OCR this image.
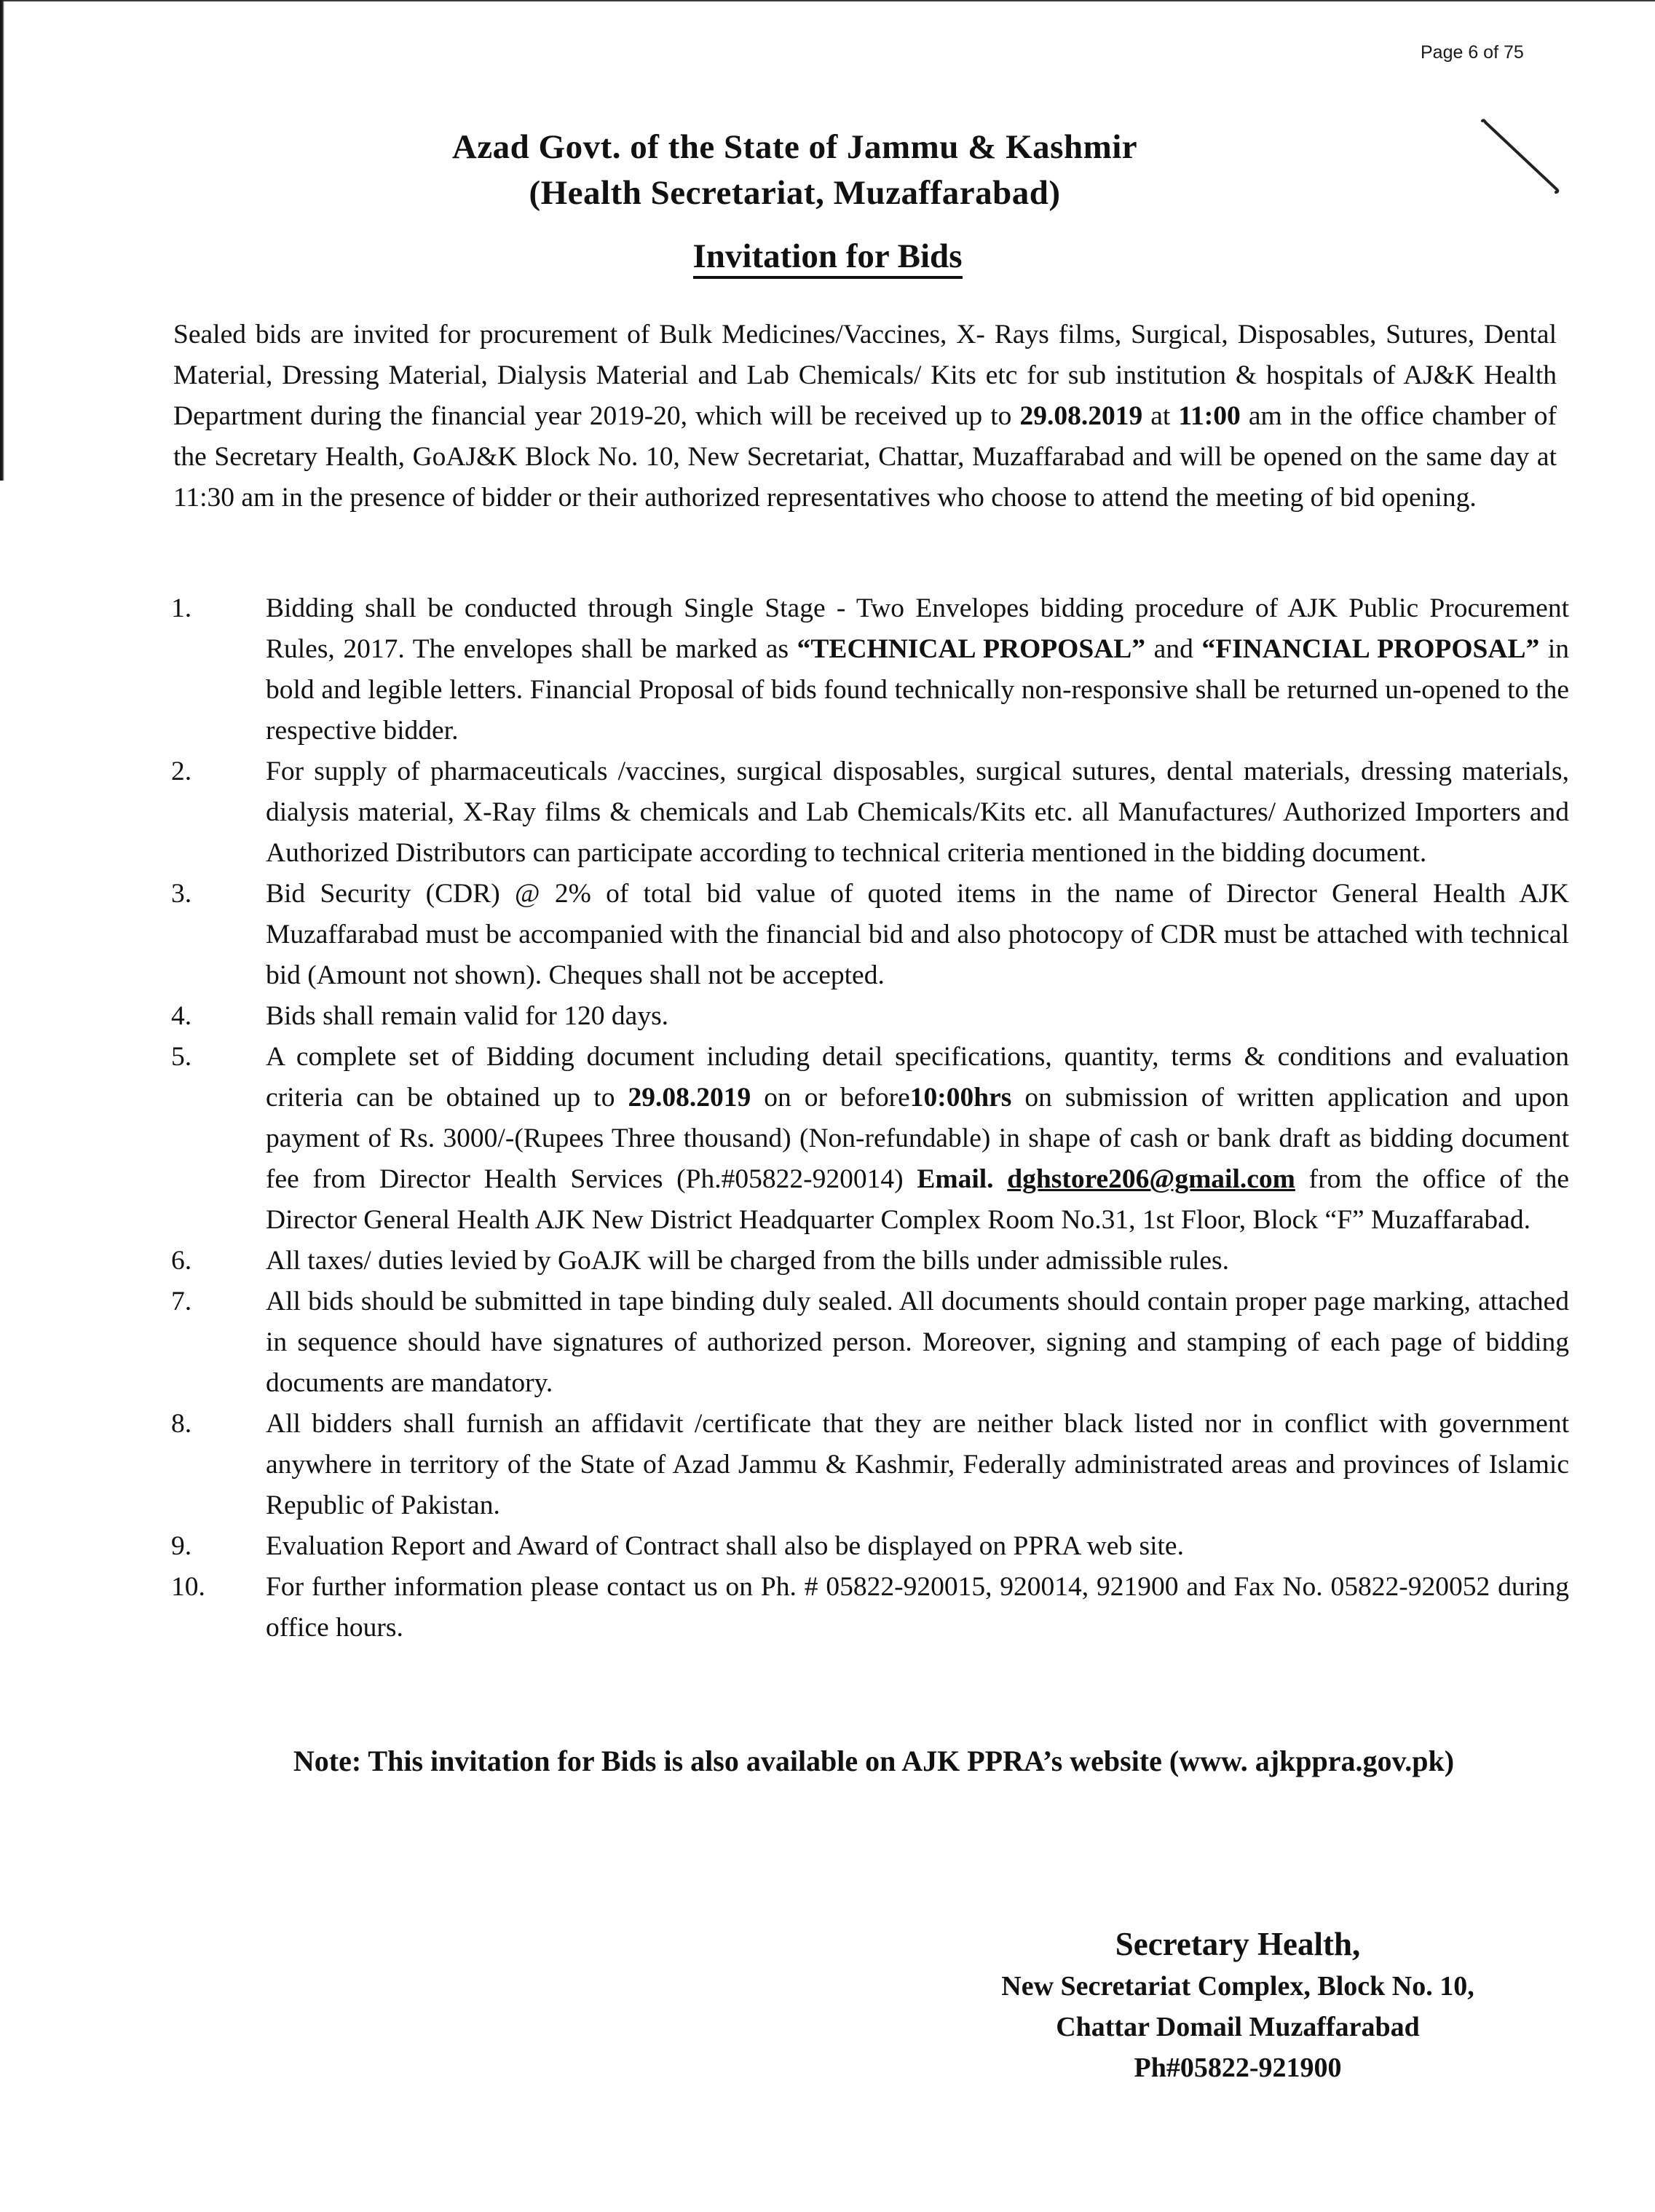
Page 6 of 75
Azad Govt. of the State of Jammu & Kashmir
(Health Secretariat, Muzaffarabad)
Invitation for Bids
Sealed bids are invited for procurement of Bulk Medicines/Vaccines, X- Rays films, Surgical, Disposables, Sutures, Dental Material, Dressing Material, Dialysis Material and Lab Chemicals/ Kits etc for sub institution & hospitals of AJ&K Health Department during the financial year 2019-20, which will be received up to 29.08.2019 at 11:00 am in the office chamber of the Secretary Health, GoAJ&K Block No. 10, New Secretariat, Chattar, Muzaffarabad and will be opened on the same day at 11:30 am in the presence of bidder or their authorized representatives who choose to attend the meeting of bid opening.
1.	Bidding shall be conducted through Single Stage - Two Envelopes bidding procedure of AJK Public Procurement Rules, 2017. The envelopes shall be marked as “TECHNICAL PROPOSAL” and “FINANCIAL PROPOSAL” in bold and legible letters. Financial Proposal of bids found technically non-responsive shall be returned un-opened to the respective bidder.
2.	For supply of pharmaceuticals /vaccines, surgical disposables, surgical sutures, dental materials, dressing materials, dialysis material, X-Ray films & chemicals and Lab Chemicals/Kits etc. all Manufactures/ Authorized Importers and Authorized Distributors can participate according to technical criteria mentioned in the bidding document.
3.	Bid Security (CDR) @ 2% of total bid value of quoted items in the name of Director General Health AJK Muzaffarabad must be accompanied with the financial bid and also photocopy of CDR must be attached with technical bid (Amount not shown). Cheques shall not be accepted.
4.	Bids shall remain valid for 120 days.
5.	A complete set of Bidding document including detail specifications, quantity, terms & conditions and evaluation criteria can be obtained up to 29.08.2019 on or before10:00hrs on submission of written application and upon payment of Rs. 3000/-(Rupees Three thousand) (Non-refundable) in shape of cash or bank draft as bidding document fee from Director Health Services (Ph.#05822-920014) Email. dghstore206@gmail.com from the office of the Director General Health AJK New District Headquarter Complex Room No.31, 1st Floor, Block “F” Muzaffarabad.
6.	All taxes/ duties levied by GoAJK will be charged from the bills under admissible rules.
7.	All bids should be submitted in tape binding duly sealed. All documents should contain proper page marking, attached in sequence should have signatures of authorized person. Moreover, signing and stamping of each page of bidding documents are mandatory.
8.	All bidders shall furnish an affidavit /certificate that they are neither black listed nor in conflict with government anywhere in territory of the State of Azad Jammu & Kashmir, Federally administrated areas and provinces of Islamic Republic of Pakistan.
9.	Evaluation Report and Award of Contract shall also be displayed on PPRA web site.
10.	For further information please contact us on Ph. # 05822-920015, 920014, 921900 and Fax No. 05822-920052 during office hours.
Note: This invitation for Bids is also available on AJK PPRA’s website (www. ajkppra.gov.pk)
Secretary Health,
New Secretariat Complex, Block No. 10,
Chattar Domail Muzaffarabad
Ph#05822-921900
